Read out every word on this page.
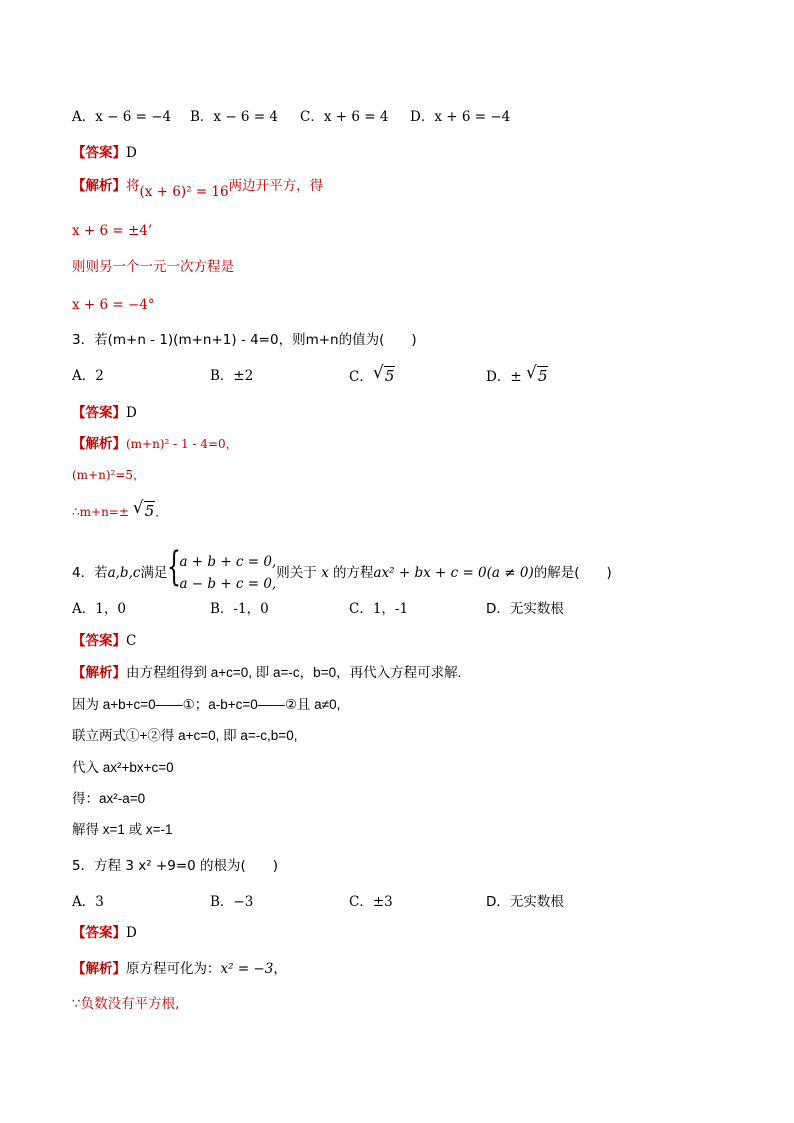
A．x − 6 = −4 B．x − 6 = 4 C．x + 6 = 4 D．x + 6 = −4
【答案】D
【解析】将(x + 6)² = 16两边开平方，得
x + 6 = ±4’
则则另一个一元一次方程是
x + 6 = −4°
3．若(m+n - 1)(m+n+1) - 4=0，则m+n的值为(　　)
A．2	B．±2	C． √ 5	D．± √ 5
【答案】D
【解析】(m+n)² - 1 - 4=0，
(m+n)²=5，
∴m+n=± √ 5．
4．若a,b,c满足 {
a + b + c = 0,
a − b + c = 0,
则关于 x 的方程ax² + bx + c = 0(a ≠ 0)的解是(　　)
A．1，0	B．-1，0	C．1，-1	D．无实数根
【答案】C
【解析】由方程组得到 a+c=0, 即 a=-c，b=0，再代入方程可求解.
因为 a+b+c=0——①；a-b+c=0——②且 a≠0,
联立两式①+②得 a+c=0, 即 a=-c,b=0,
代入 ax²+bx+c=0
得：ax²-a=0
解得 x=1 或 x=-1
5．方程 3 x² +9=0 的根为(　　)
A．3	B．−3	C．±3	D．无实数根
【答案】D
【解析】原方程可化为：x² = −3，
∵负数没有平方根,
